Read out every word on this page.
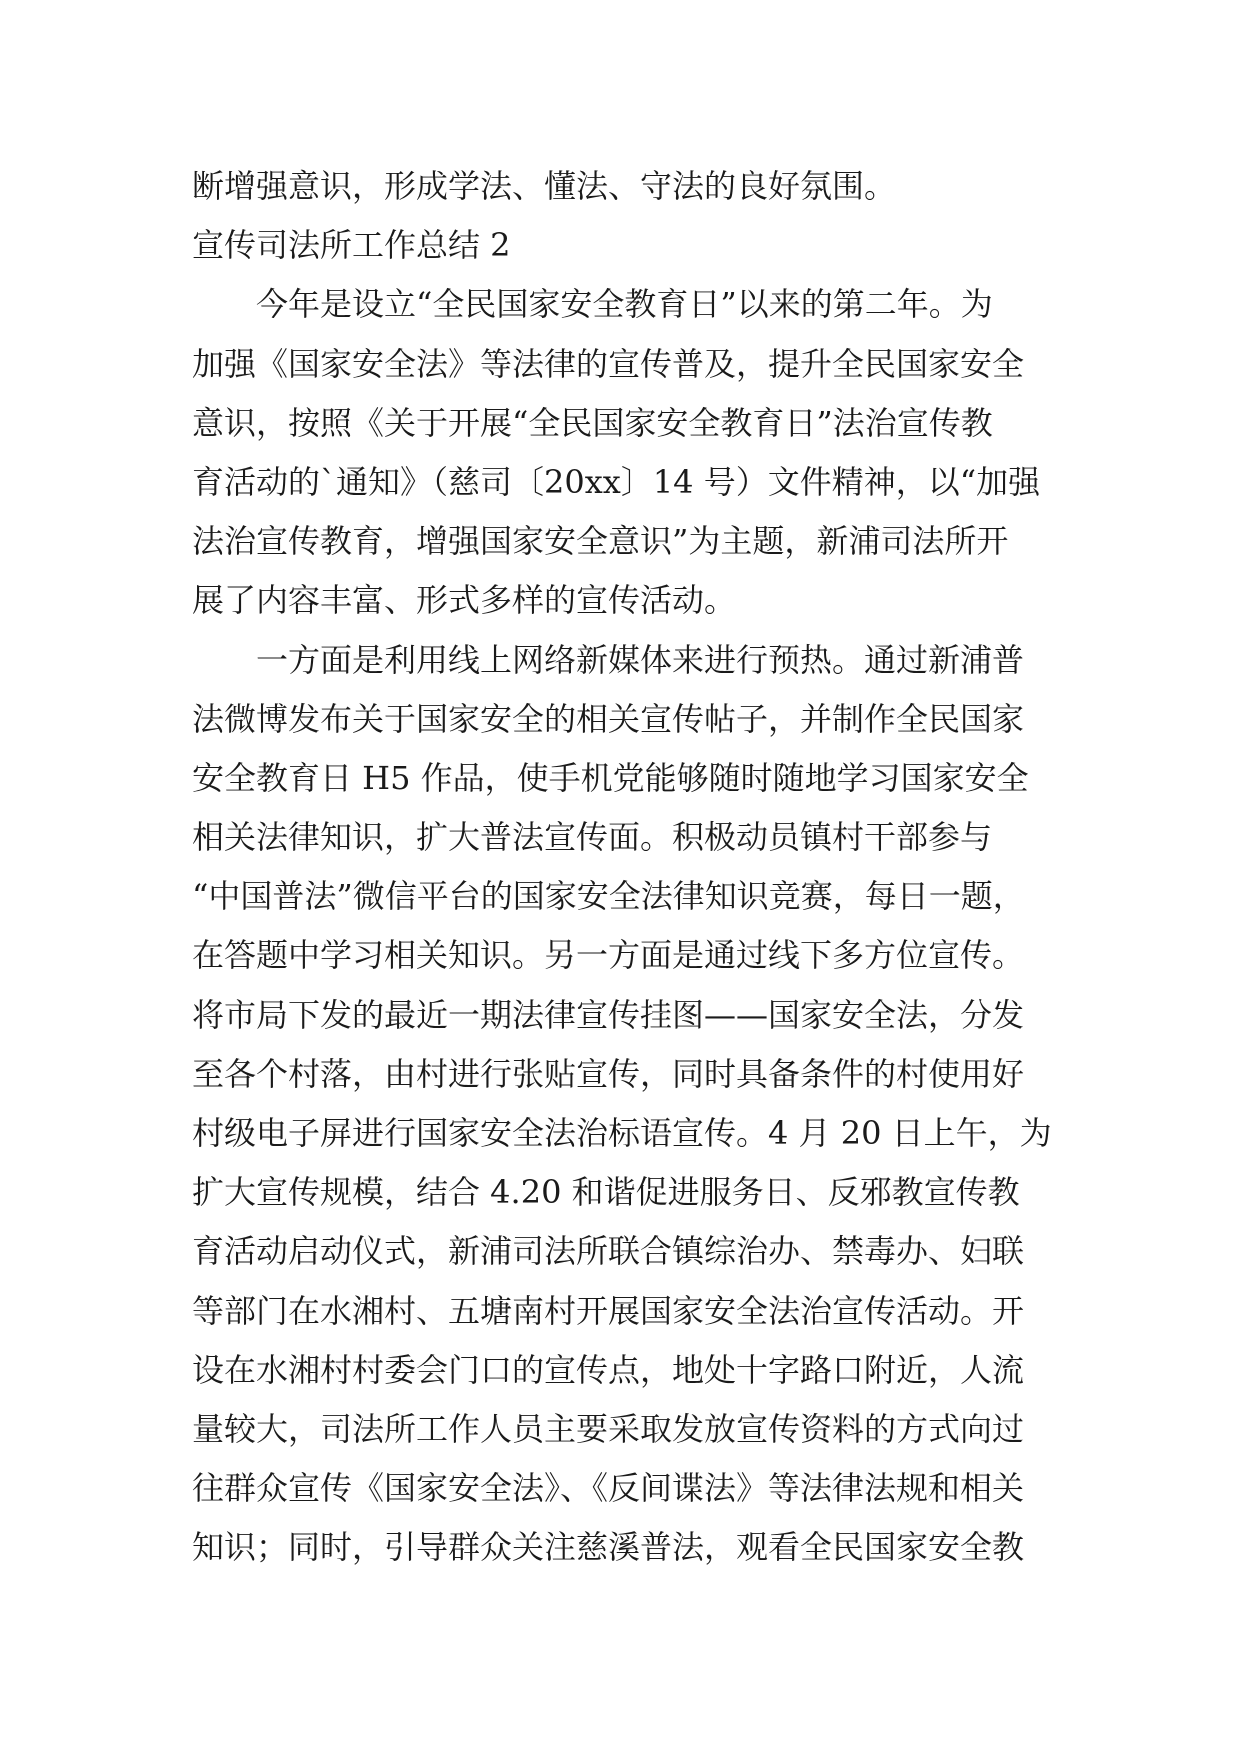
断增强意识，形成学法、懂法、守法的良好氛围。
宣传司法所工作总结 2
今年是设立“全民国家安全教育日”以来的第二年。为
加强《国家安全法》等法律的宣传普及，提升全民国家安全
意识，按照《关于开展“全民国家安全教育日”法治宣传教
育活动的`通知》（慈司〔20xx〕14 号）文件精神，以“加强
法治宣传教育，增强国家安全意识”为主题，新浦司法所开
展了内容丰富、形式多样的宣传活动。
一方面是利用线上网络新媒体来进行预热。通过新浦普
法微博发布关于国家安全的相关宣传帖子，并制作全民国家
安全教育日 H5 作品，使手机党能够随时随地学习国家安全
相关法律知识，扩大普法宣传面。积极动员镇村干部参与
“中国普法”微信平台的国家安全法律知识竞赛，每日一题，
在答题中学习相关知识。另一方面是通过线下多方位宣传。
将市局下发的最近一期法律宣传挂图——国家安全法，分发
至各个村落，由村进行张贴宣传，同时具备条件的村使用好
村级电子屏进行国家安全法治标语宣传。4 月 20 日上午，为
扩大宣传规模，结合 4.20 和谐促进服务日、反邪教宣传教
育活动启动仪式，新浦司法所联合镇综治办、禁毒办、妇联
等部门在水湘村、五塘南村开展国家安全法治宣传活动。开
设在水湘村村委会门口的宣传点，地处十字路口附近，人流
量较大，司法所工作人员主要采取发放宣传资料的方式向过
往群众宣传《国家安全法》、《反间谍法》等法律法规和相关
知识；同时，引导群众关注慈溪普法，观看全民国家安全教
